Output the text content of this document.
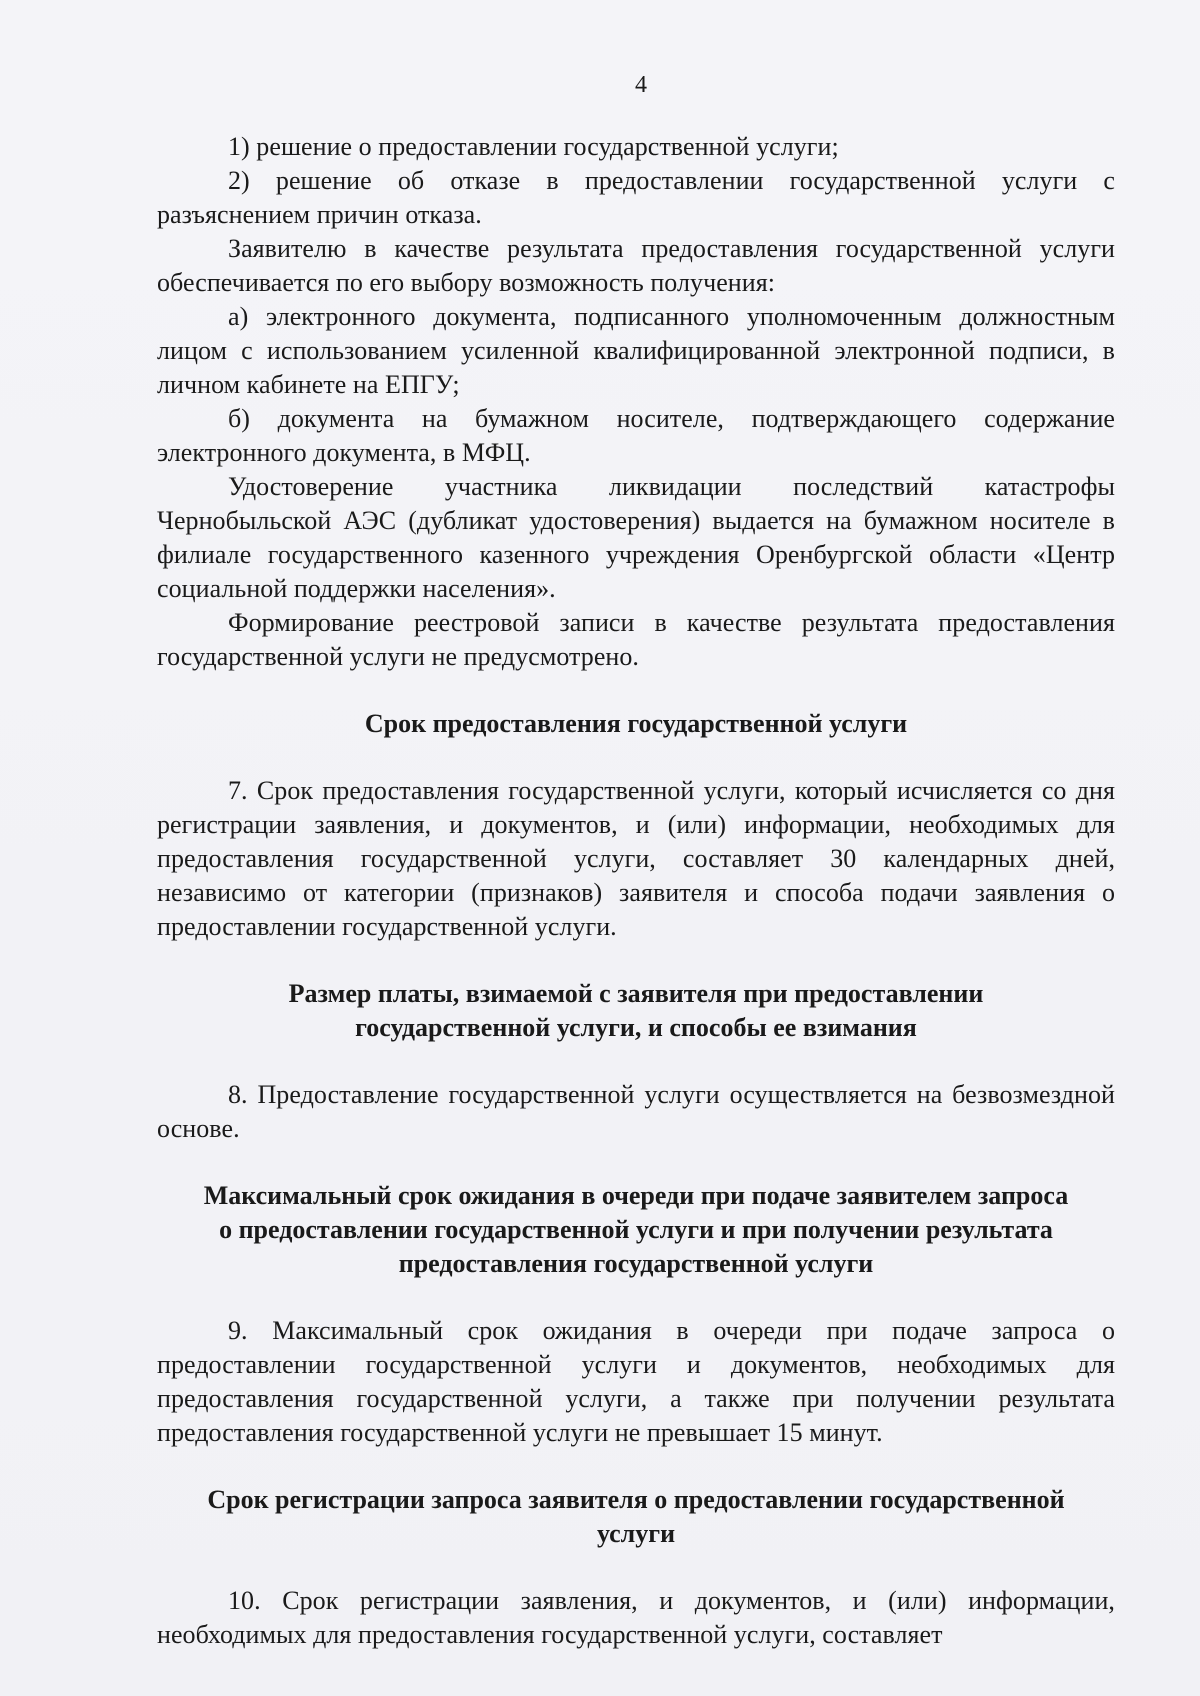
4

1) решение о предоставлении государственной услуги;

2) решение об отказе в предоставлении государственной услуги с разъяснением причин отказа.

Заявителю в качестве результата предоставления государственной услуги обеспечивается по его выбору возможность получения:

а) электронного документа, подписанного уполномоченным должностным лицом с использованием усиленной квалифицированной электронной подписи, в личном кабинете на ЕПГУ;

б) документа на бумажном носителе, подтверждающего содержание электронного документа, в МФЦ.

Удостоверение участника ликвидации последствий катастрофы Чернобыльской АЭС (дубликат удостоверения) выдается на бумажном носителе в филиале государственного казенного учреждения Оренбургской области «Центр социальной поддержки населения».

Формирование реестровой записи в качестве результата предоставления государственной услуги не предусмотрено.

Срок предоставления государственной услуги

7. Срок предоставления государственной услуги, который исчисляется со дня регистрации заявления, и документов, и (или) информации, необходимых для предоставления государственной услуги, составляет 30 календарных дней, независимо от категории (признаков) заявителя и способа подачи заявления о предоставлении государственной услуги.

Размер платы, взимаемой с заявителя при предоставлении

государственной услуги, и способы ее взимания

8. Предоставление государственной услуги осуществляется на безвозмездной основе.

Максимальный срок ожидания в очереди при подаче заявителем запроса

о предоставлении государственной услуги и при получении результата

предоставления государственной услуги

9. Максимальный срок ожидания в очереди при подаче запроса о предоставлении государственной услуги и документов, необходимых для предоставления государственной услуги, а также при получении результата предоставления государственной услуги не превышает 15 минут.

Срок регистрации запроса заявителя о предоставлении государственной

услуги

10. Срок регистрации заявления, и документов, и (или) информации, необходимых для предоставления государственной услуги, составляет
